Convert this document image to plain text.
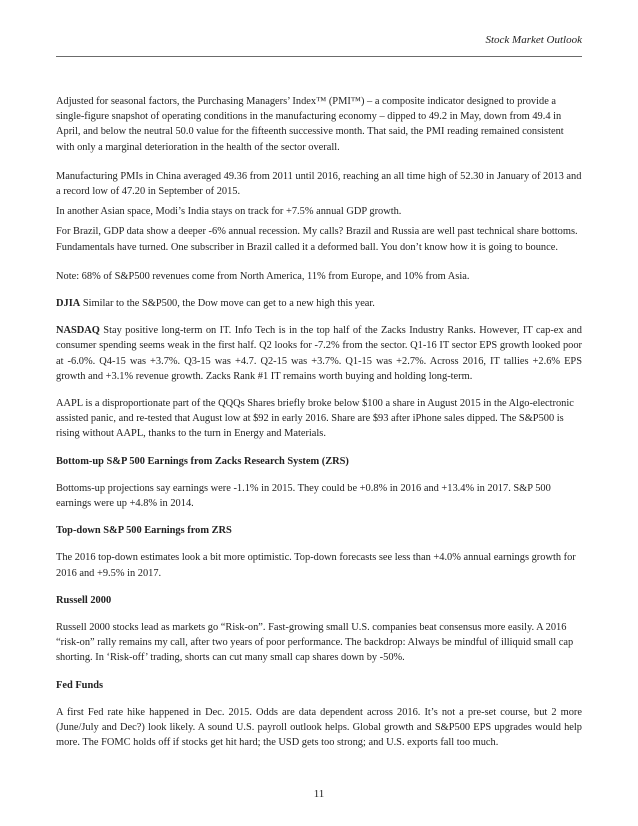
Stock Market Outlook

Adjusted for seasonal factors, the Purchasing Managers’ Index™ (PMI™) – a composite indicator designed to provide a single-figure snapshot of operating conditions in the manufacturing economy – dipped to 49.2 in May, down from 49.4 in April, and below the neutral 50.0 value for the fifteenth successive month. That said, the PMI reading remained consistent with only a marginal deterioration in the health of the sector overall.

Manufacturing PMIs in China averaged 49.36 from 2011 until 2016, reaching an all time high of 52.30 in January of 2013 and a record low of 47.20 in September of 2015.

In another Asian space, Modi’s India stays on track for +7.5% annual GDP growth.

For Brazil, GDP data show a deeper -6% annual recession. My calls? Brazil and Russia are well past technical share bottoms. Fundamentals have turned. One subscriber in Brazil called it a deformed ball. You don’t know how it is going to bounce.

Note: 68% of S&P500 revenues come from North America, 11% from Europe, and 10% from Asia.

DJIA Similar to the S&P500, the Dow move can get to a new high this year.

NASDAQ Stay positive long-term on IT. Info Tech is in the top half of the Zacks Industry Ranks. However, IT cap-ex and consumer spending seems weak in the first half. Q2 looks for -7.2% from the sector. Q1-16 IT sector EPS growth looked poor at -6.0%. Q4-15 was +3.7%. Q3-15 was +4.7. Q2-15 was +3.7%. Q1-15 was +2.7%. Across 2016, IT tallies +2.6% EPS growth and +3.1% revenue growth. Zacks Rank #1 IT remains worth buying and holding long-term.

AAPL is a disproportionate part of the QQQs Shares briefly broke below $100 a share in August 2015 in the Algo-electronic assisted panic, and re-tested that August low at $92 in early 2016. Share are $93 after iPhone sales dipped. The S&P500 is rising without AAPL, thanks to the turn in Energy and Materials.

Bottom-up S&P 500 Earnings from Zacks Research System (ZRS)

Bottoms-up projections say earnings were -1.1% in 2015. They could be +0.8% in 2016 and +13.4% in 2017. S&P 500 earnings were up +4.8% in 2014.

Top-down S&P 500 Earnings from ZRS

The 2016 top-down estimates look a bit more optimistic. Top-down forecasts see less than +4.0% annual earnings growth for 2016 and +9.5% in 2017.

Russell 2000

Russell 2000 stocks lead as markets go “Risk-on”. Fast-growing small U.S. companies beat consensus more easily. A 2016 “risk-on” rally remains my call, after two years of poor performance. The backdrop: Always be mindful of illiquid small cap shorting. In ‘Risk-off’ trading, shorts can cut many small cap shares down by -50%.

Fed Funds

A first Fed rate hike happened in Dec. 2015. Odds are data dependent across 2016. It’s not a pre-set course, but 2 more (June/July and Dec?) look likely. A sound U.S. payroll outlook helps. Global growth and S&P500 EPS upgrades would help more. The FOMC holds off if stocks get hit hard; the USD gets too strong; and U.S. exports fall too much.

11
